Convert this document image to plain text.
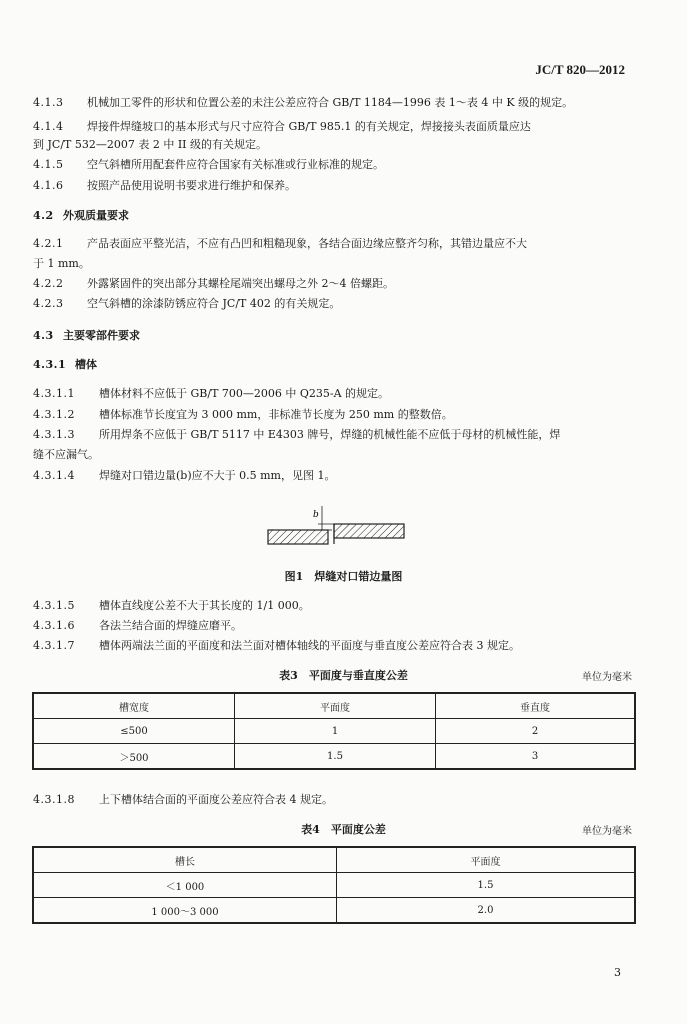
JC/T 820—2012
4.1.3 机械加工零件的形状和位置公差的未注公差应符合 GB/T 1184—1996 表 1～表 4 中 K 级的规定。
4.1.4 焊接件焊缝坡口的基本形式与尺寸应符合 GB/T 985.1 的有关规定，焊接接头表面质量应达
到 JC/T 532—2007 表 2 中 II 级的有关规定。
4.1.5 空气斜槽所用配套件应符合国家有关标准或行业标准的规定。
4.1.6 按照产品使用说明书要求进行维护和保养。
4.2 外观质量要求
4.2.1 产品表面应平整光洁，不应有凸凹和粗糙现象，各结合面边缘应整齐匀称，其错边量应不大
于 1 mm。
4.2.2 外露紧固件的突出部分其螺栓尾端突出螺母之外 2～4 倍螺距。
4.2.3 空气斜槽的涂漆防锈应符合 JC/T 402 的有关规定。
4.3 主要零部件要求
4.3.1 槽体
4.3.1.1 槽体材料不应低于 GB/T 700—2006 中 Q235-A 的规定。
4.3.1.2 槽体标准节长度宜为 3 000 mm，非标准节长度为 250 mm 的整数倍。
4.3.1.3 所用焊条不应低于 GB/T 5117 中 E4303 牌号，焊缝的机械性能不应低于母材的机械性能，焊
缝不应漏气。
4.3.1.4 焊缝对口错边量(b)应不大于 0.5 mm，见图 1。
b
图1　焊缝对口错边量图
4.3.1.5 槽体直线度公差不大于其长度的 1/1 000。
4.3.1.6 各法兰结合面的焊缝应磨平。
4.3.1.7 槽体两端法兰面的平面度和法兰面对槽体轴线的平面度与垂直度公差应符合表 3 规定。
表3　平面度与垂直度公差	单位为毫米
槽宽度	平面度	垂直度
≤500	1	2
＞500	1.5	3
4.3.1.8 上下槽体结合面的平面度公差应符合表 4 规定。
表4　平面度公差	单位为毫米
槽长	平面度
＜1 000	1.5
1 000～3 000	2.0
3
